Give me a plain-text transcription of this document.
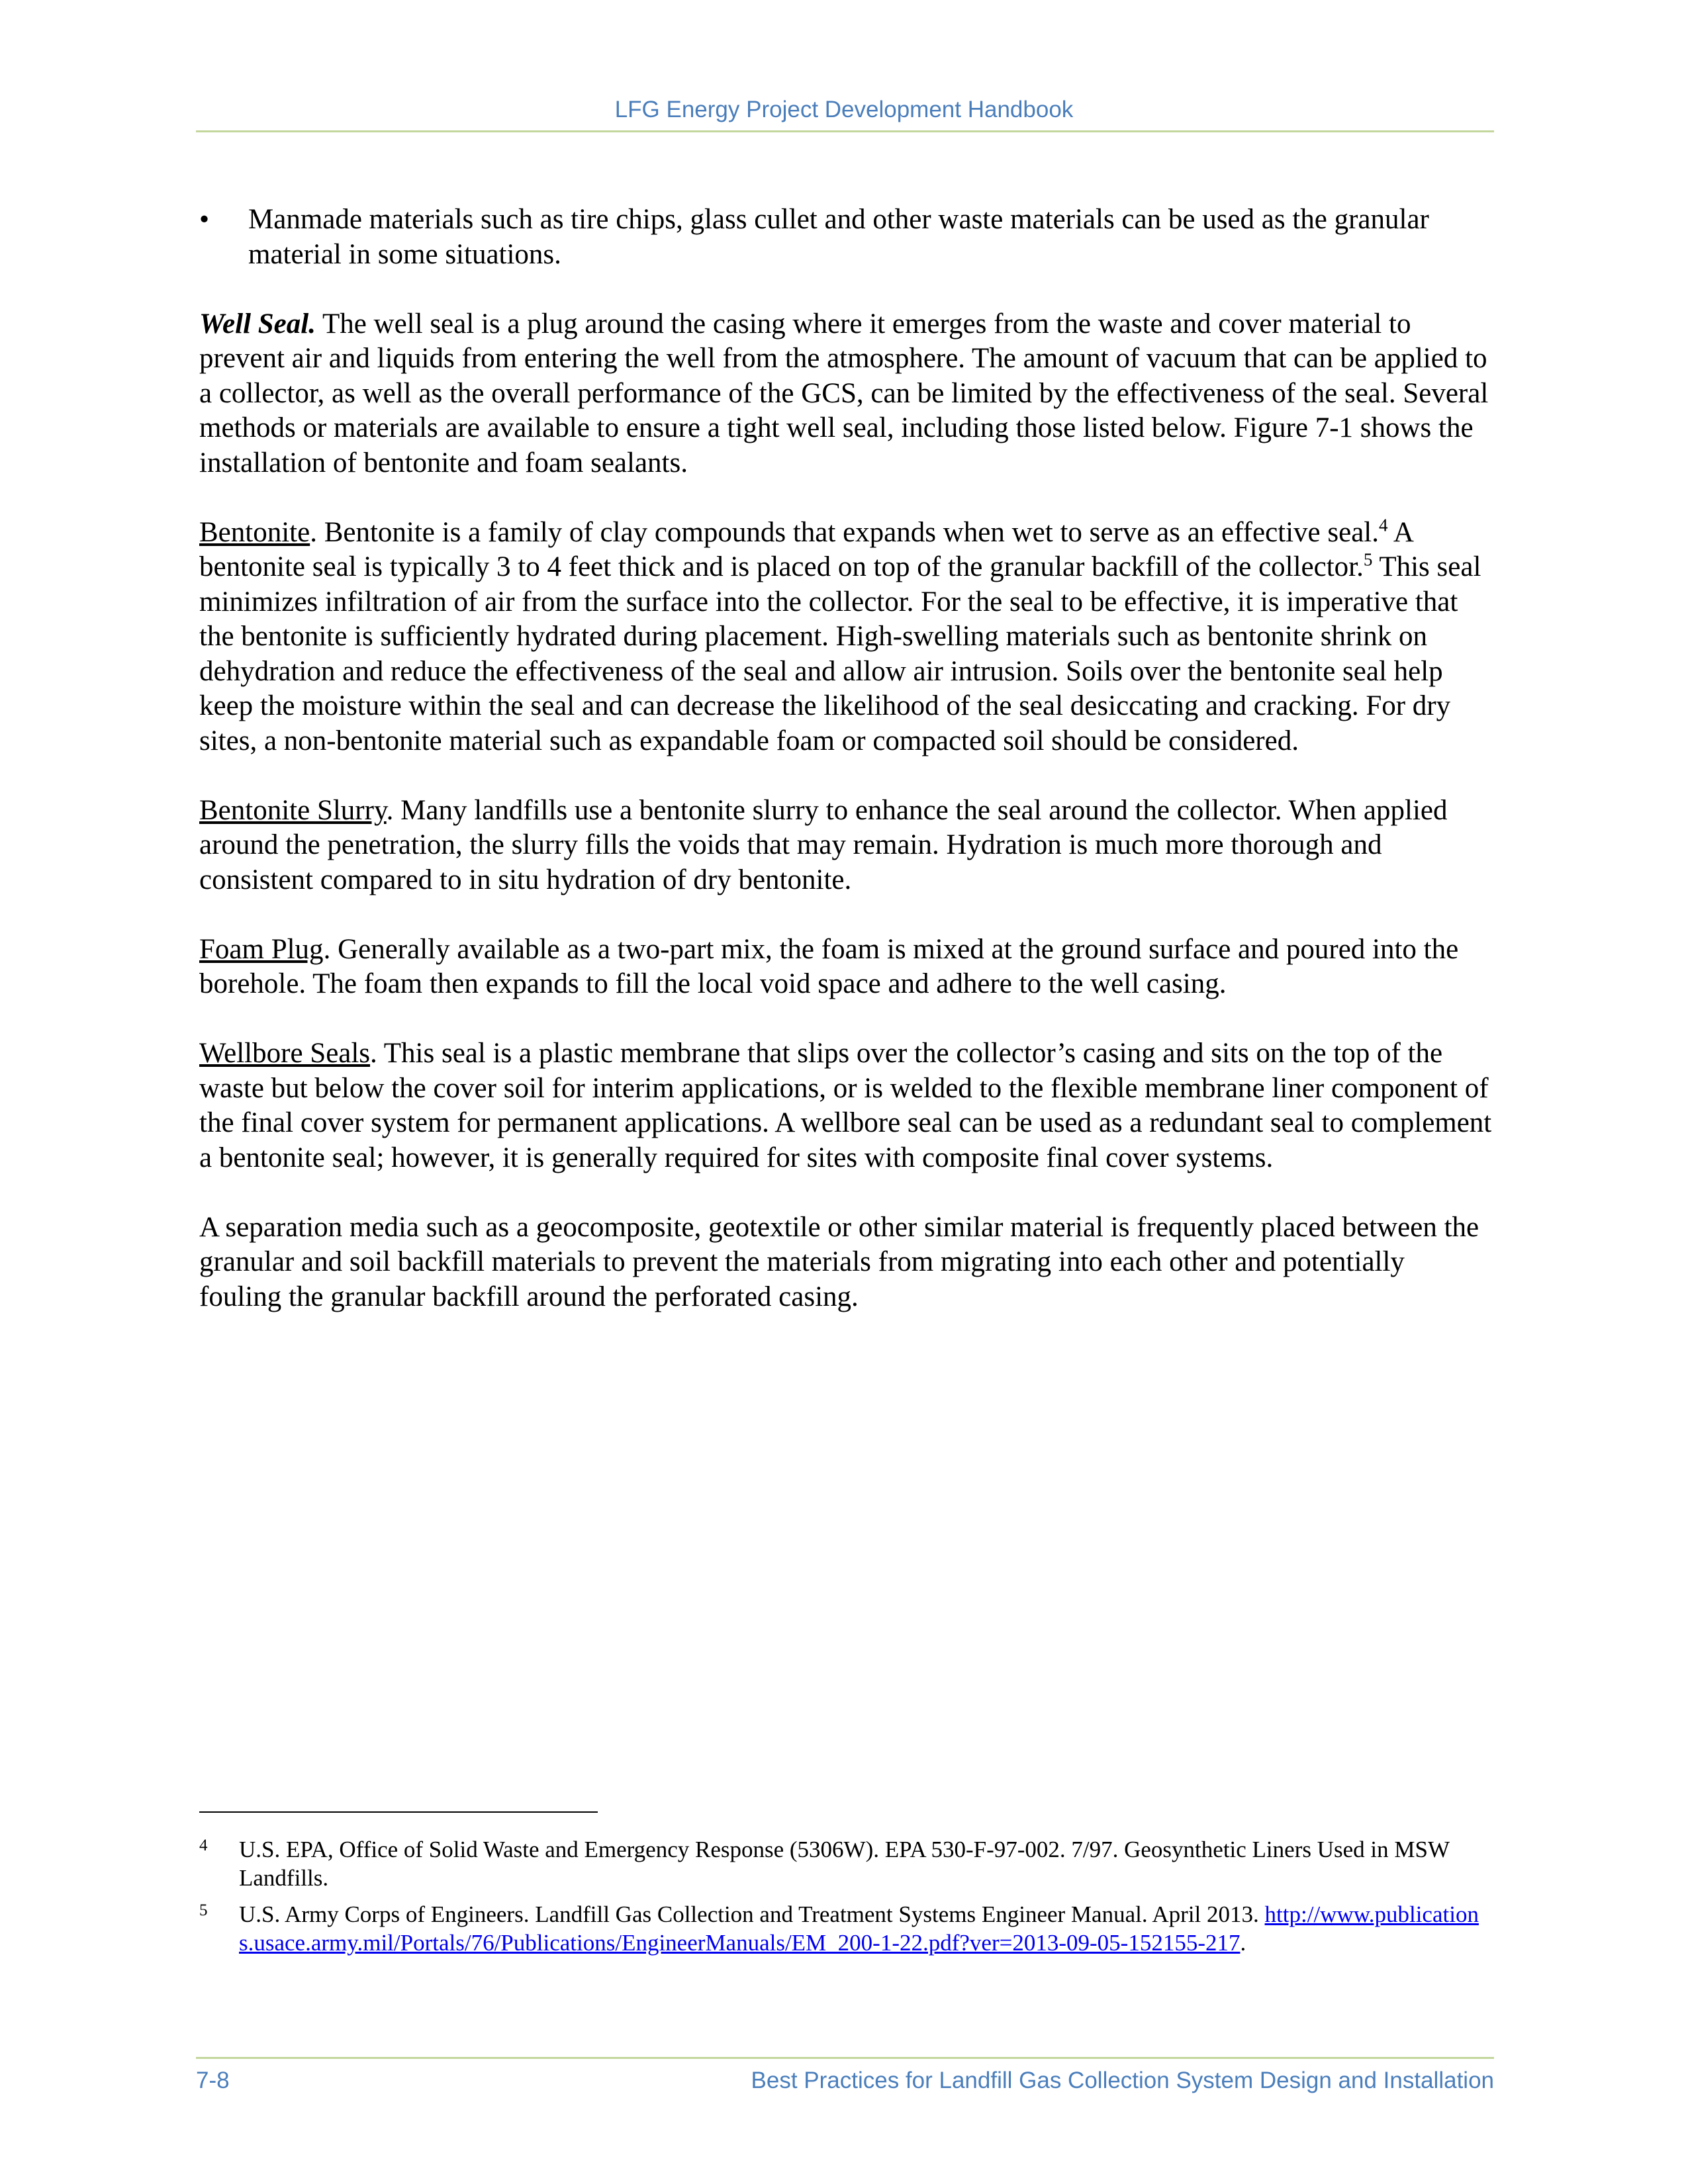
LFG Energy Project Development Handbook
• Manmade materials such as tire chips, glass cullet and other waste materials can be used as the granular material in some situations.

Well Seal. The well seal is a plug around the casing where it emerges from the waste and cover material to prevent air and liquids from entering the well from the atmosphere. The amount of vacuum that can be applied to a collector, as well as the overall performance of the GCS, can be limited by the effectiveness of the seal. Several methods or materials are available to ensure a tight well seal, including those listed below. Figure 7-1 shows the installation of bentonite and foam sealants.

Bentonite. Bentonite is a family of clay compounds that expands when wet to serve as an effective seal.$^4$ A bentonite seal is typically 3 to 4 feet thick and is placed on top of the granular backfill of the collector.$^5$ This seal minimizes infiltration of air from the surface into the collector. For the seal to be effective, it is imperative that the bentonite is sufficiently hydrated during placement. High-swelling materials such as bentonite shrink on dehydration and reduce the effectiveness of the seal and allow air intrusion. Soils over the bentonite seal help keep the moisture within the seal and can decrease the likelihood of the seal desiccating and cracking. For dry sites, a non-bentonite material such as expandable foam or compacted soil should be considered.

Bentonite Slurry. Many landfills use a bentonite slurry to enhance the seal around the collector. When applied around the penetration, the slurry fills the voids that may remain. Hydration is much more thorough and consistent compared to in situ hydration of dry bentonite.

Foam Plug. Generally available as a two-part mix, the foam is mixed at the ground surface and poured into the borehole. The foam then expands to fill the local void space and adhere to the well casing.

Wellbore Seals. This seal is a plastic membrane that slips over the collector’s casing and sits on the top of the waste but below the cover soil for interim applications, or is welded to the flexible membrane liner component of the final cover system for permanent applications. A wellbore seal can be used as a redundant seal to complement a bentonite seal; however, it is generally required for sites with composite final cover systems.

A separation media such as a geocomposite, geotextile or other similar material is frequently placed between the granular and soil backfill materials to prevent the materials from migrating into each other and potentially fouling the granular backfill around the perforated casing.

4 U.S. EPA, Office of Solid Waste and Emergency Response (5306W). EPA 530-F-97-002. 7/97. Geosynthetic Liners Used in MSW Landfills.
5 U.S. Army Corps of Engineers. Landfill Gas Collection and Treatment Systems Engineer Manual. April 2013. http://www.publications.usace.army.mil/Portals/76/Publications/EngineerManuals/EM_200-1-22.pdf?ver=2013-09-05-152155-217.
7-8	Best Practices for Landfill Gas Collection System Design and Installation
